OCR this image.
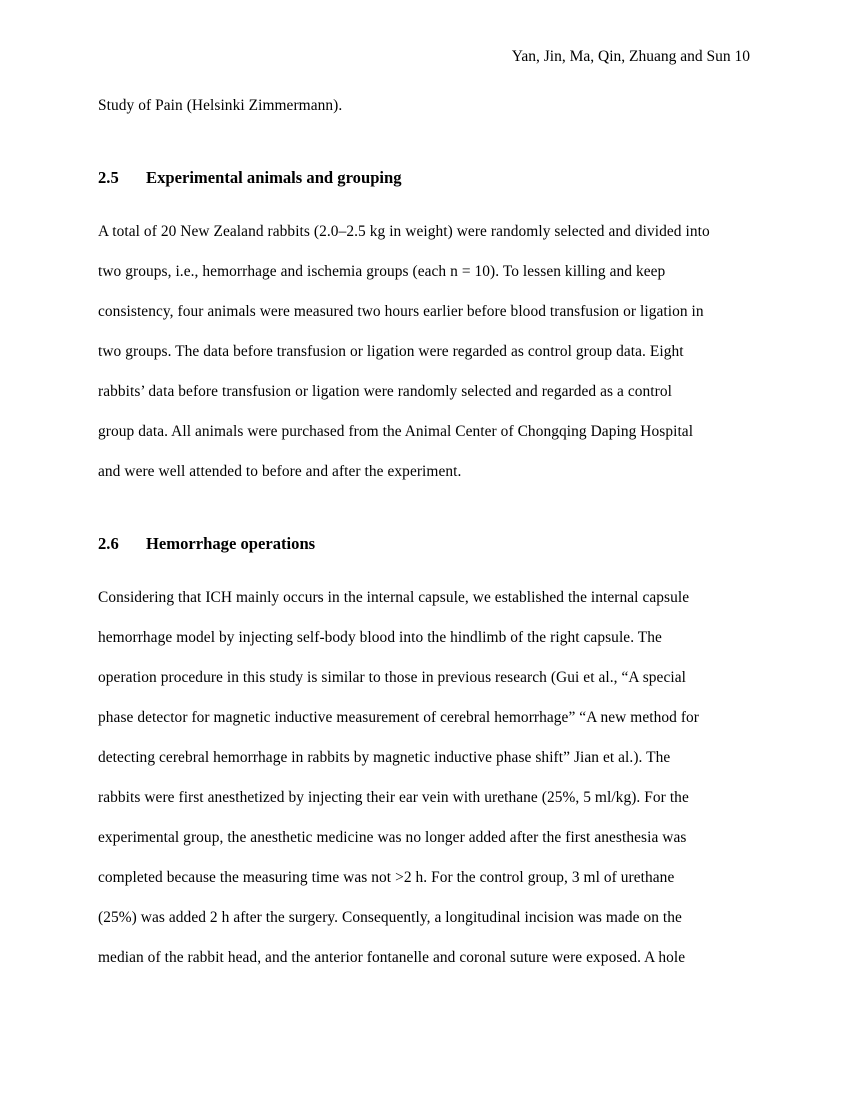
Yan, Jin, Ma, Qin, Zhuang and Sun 10
Study of Pain (Helsinki Zimmermann).
A total of 20 New Zealand rabbits (2.0–2.5 kg in weight) were randomly selected and divided into
two groups, i.e., hemorrhage and ischemia groups (each n = 10). To lessen killing and keep
consistency, four animals were measured two hours earlier before blood transfusion or ligation in
two groups. The data before transfusion or ligation were regarded as control group data. Eight
rabbits’ data before transfusion or ligation were randomly selected and regarded as a control
group data. All animals were purchased from the Animal Center of Chongqing Daping Hospital
and were well attended to before and after the experiment.
Considering that ICH mainly occurs in the internal capsule, we established the internal capsule
hemorrhage model by injecting self-body blood into the hindlimb of the right capsule. The
operation procedure in this study is similar to those in previous research (Gui et al., “A special
phase detector for magnetic inductive measurement of cerebral hemorrhage” “A new method for
detecting cerebral hemorrhage in rabbits by magnetic inductive phase shift” Jian et al.). The
rabbits were first anesthetized by injecting their ear vein with urethane (25%, 5 ml/kg). For the
experimental group, the anesthetic medicine was no longer added after the first anesthesia was
completed because the measuring time was not >2 h. For the control group, 3 ml of urethane
(25%) was added 2 h after the surgery. Consequently, a longitudinal incision was made on the
median of the rabbit head, and the anterior fontanelle and coronal suture were exposed. A hole
2.5 Experimental animals and grouping
2.6 Hemorrhage operations
